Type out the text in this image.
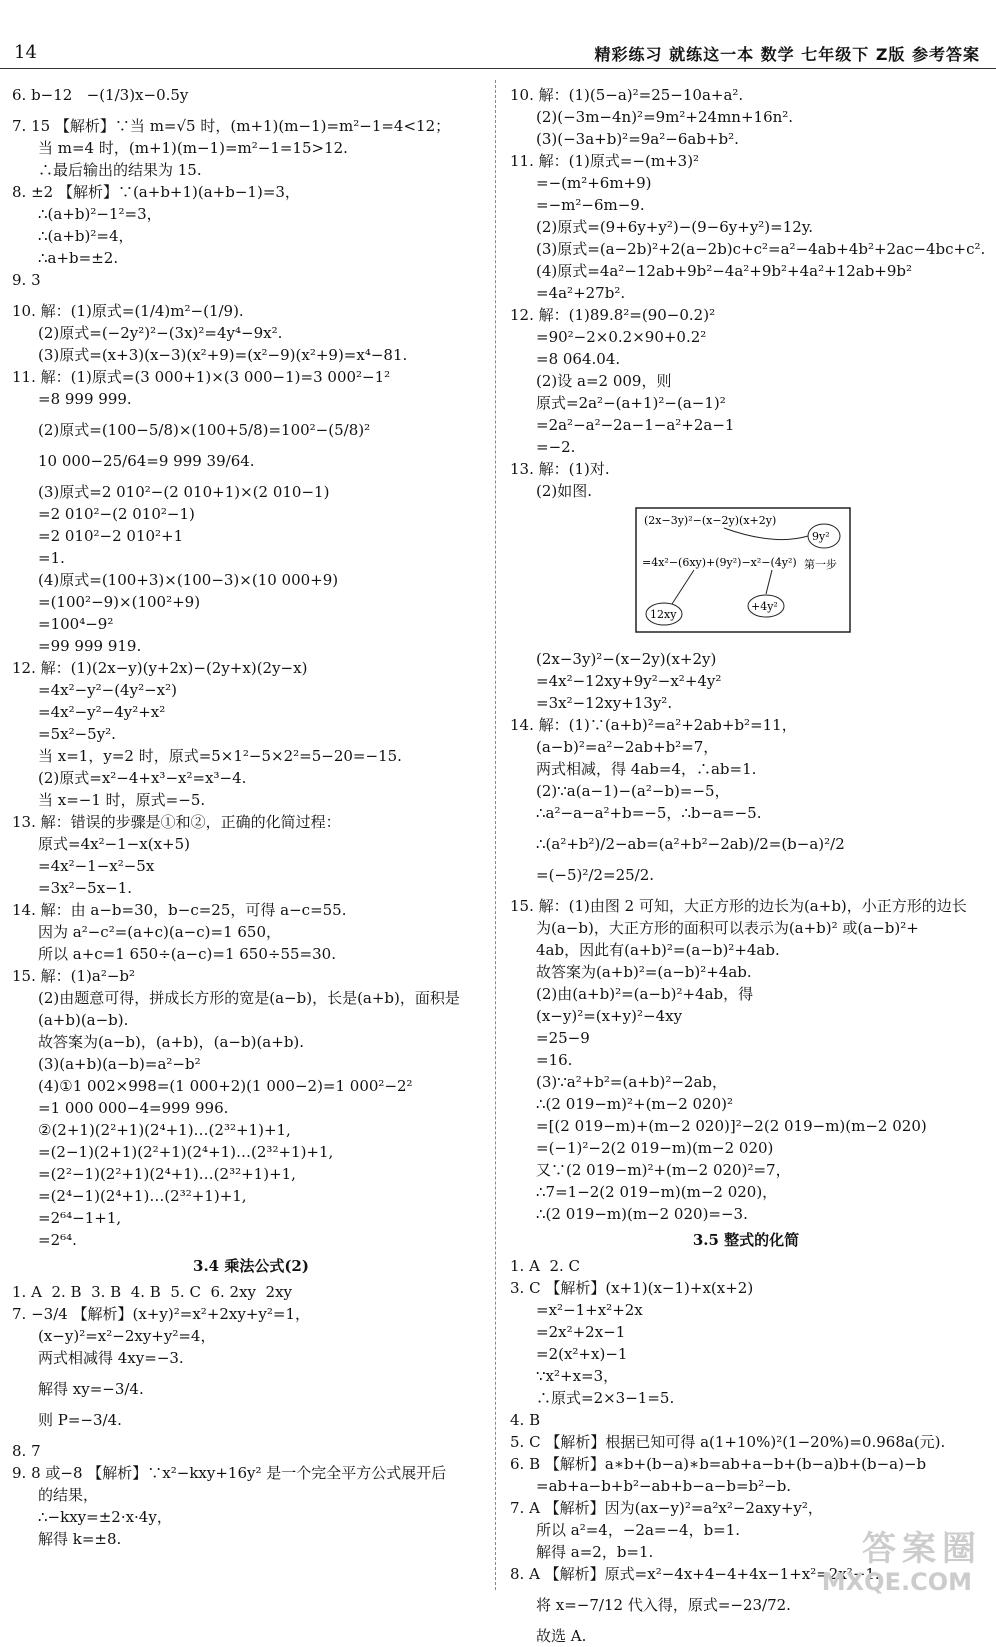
14	精彩练习 就练这一本 数学 七年级下 Z版 参考答案
6. b−12   −(1/3)x−0.5y
7. 15 【解析】∵当 m=√5 时，(m+1)(m−1)=m²−1=4<12；
当 m=4 时，(m+1)(m−1)=m²−1=15>12.
∴最后输出的结果为 15.
8. ±2 【解析】∵(a+b+1)(a+b−1)=3，
∴(a+b)²−1²=3，
∴(a+b)²=4，
∴a+b=±2.
9. 3
10. 解：(1)原式=(1/4)m²−(1/9).
(2)原式=(−2y²)²−(3x)²=4y⁴−9x².
(3)原式=(x+3)(x−3)(x²+9)=(x²−9)(x²+9)=x⁴−81.
11. 解：(1)原式=(3 000+1)×(3 000−1)=3 000²−1²
=8 999 999.
(2)原式=(100−5/8)×(100+5/8)=100²−(5/8)²
10 000−25/64=9 999 39/64.
(3)原式=2 010²−(2 010+1)×(2 010−1)
=2 010²−(2 010²−1)
=2 010²−2 010²+1
=1.
(4)原式=(100+3)×(100−3)×(10 000+9)
=(100²−9)×(100²+9)
=100⁴−9²
=99 999 919.
12. 解：(1)(2x−y)(y+2x)−(2y+x)(2y−x)
=4x²−y²−(4y²−x²)
=4x²−y²−4y²+x²
=5x²−5y².
当 x=1，y=2 时，原式=5×1²−5×2²=5−20=−15.
(2)原式=x²−4+x³−x²=x³−4.
当 x=−1 时，原式=−5.
13. 解：错误的步骤是①和②，正确的化简过程：
原式=4x²−1−x(x+5)
=4x²−1−x²−5x
=3x²−5x−1.
14. 解：由 a−b=30，b−c=25，可得 a−c=55.
因为 a²−c²=(a+c)(a−c)=1 650，
所以 a+c=1 650÷(a−c)=1 650÷55=30.
15. 解：(1)a²−b²
(2)由题意可得，拼成长方形的宽是(a−b)，长是(a+b)，面积是
(a+b)(a−b).
故答案为(a−b)，(a+b)，(a−b)(a+b).
(3)(a+b)(a−b)=a²−b²
(4)①1 002×998=(1 000+2)(1 000−2)=1 000²−2²
=1 000 000−4=999 996.
②(2+1)(2²+1)(2⁴+1)…(2³²+1)+1,
=(2−1)(2+1)(2²+1)(2⁴+1)…(2³²+1)+1,
=(2²−1)(2²+1)(2⁴+1)…(2³²+1)+1,
=(2⁴−1)(2⁴+1)…(2³²+1)+1,
=2⁶⁴−1+1,
=2⁶⁴.
3.4 乘法公式(2)
1. A  2. B  3. B  4. B  5. C  6. 2xy  2xy
7. −3/4 【解析】(x+y)²=x²+2xy+y²=1，
(x−y)²=x²−2xy+y²=4，
两式相减得 4xy=−3.
解得 xy=−3/4.
则 P=−3/4.
8. 7
9. 8 或−8 【解析】∵x²−kxy+16y² 是一个完全平方公式展开后
的结果，
∴−kxy=±2·x·4y，
解得 k=±8.
10. 解：(1)(5−a)²=25−10a+a².
(2)(−3m−4n)²=9m²+24mn+16n².
(3)(−3a+b)²=9a²−6ab+b².
11. 解：(1)原式=−(m+3)²
=−(m²+6m+9)
=−m²−6m−9.
(2)原式=(9+6y+y²)−(9−6y+y²)=12y.
(3)原式=(a−2b)²+2(a−2b)c+c²=a²−4ab+4b²+2ac−4bc+c².
(4)原式=4a²−12ab+9b²−4a²+9b²+4a²+12ab+9b²
=4a²+27b².
12. 解：(1)89.8²=(90−0.2)²
=90²−2×0.2×90+0.2²
=8 064.04.
(2)设 a=2 009，则
原式=2a²−(a+1)²−(a−1)²
=2a²−a²−2a−1−a²+2a−1
=−2.
13. 解：(1)对.
(2)如图.
(2x−3y)²−(x−2y)(x+2y)
=4x²−(6xy)+(9y²)−x²−(4y²)
9y²
12xy
+4y²
第一步
(2x−3y)²−(x−2y)(x+2y)
=4x²−12xy+9y²−x²+4y²
=3x²−12xy+13y².
14. 解：(1)∵(a+b)²=a²+2ab+b²=11，
(a−b)²=a²−2ab+b²=7，
两式相减，得 4ab=4，∴ab=1.
(2)∵a(a−1)−(a²−b)=−5，
∴a²−a−a²+b=−5，∴b−a=−5.
∴(a²+b²)/2−ab=(a²+b²−2ab)/2=(b−a)²/2
=(−5)²/2=25/2.
15. 解：(1)由图 2 可知，大正方形的边长为(a+b)，小正方形的边长
为(a−b)，大正方形的面积可以表示为(a+b)² 或(a−b)²+
4ab，因此有(a+b)²=(a−b)²+4ab.
故答案为(a+b)²=(a−b)²+4ab.
(2)由(a+b)²=(a−b)²+4ab，得
(x−y)²=(x+y)²−4xy
=25−9
=16.
(3)∵a²+b²=(a+b)²−2ab，
∴(2 019−m)²+(m−2 020)²
=[(2 019−m)+(m−2 020)]²−2(2 019−m)(m−2 020)
=(−1)²−2(2 019−m)(m−2 020)
又∵(2 019−m)²+(m−2 020)²=7，
∴7=1−2(2 019−m)(m−2 020)，
∴(2 019−m)(m−2 020)=−3.
3.5 整式的化简
1. A  2. C
3. C 【解析】(x+1)(x−1)+x(x+2)
=x²−1+x²+2x
=2x²+2x−1
=2(x²+x)−1
∵x²+x=3，
∴原式=2×3−1=5.
4. B
5. C 【解析】根据已知可得 a(1+10%)²(1−20%)=0.968a(元).
6. B 【解析】a∗b+(b−a)∗b=ab+a−b+(b−a)b+(b−a)−b
=ab+a−b+b²−ab+b−a−b=b²−b.
7. A 【解析】因为(ax−y)²=a²x²−2axy+y²，
所以 a²=4，−2a=−4，b=1.
解得 a=2，b=1.
8. A 【解析】原式=x²−4x+4−4+4x−1+x²=2x²−1.
将 x=−7/12 代入得，原式=−23/72.
故选 A.
答案圈
MXQE.COM
